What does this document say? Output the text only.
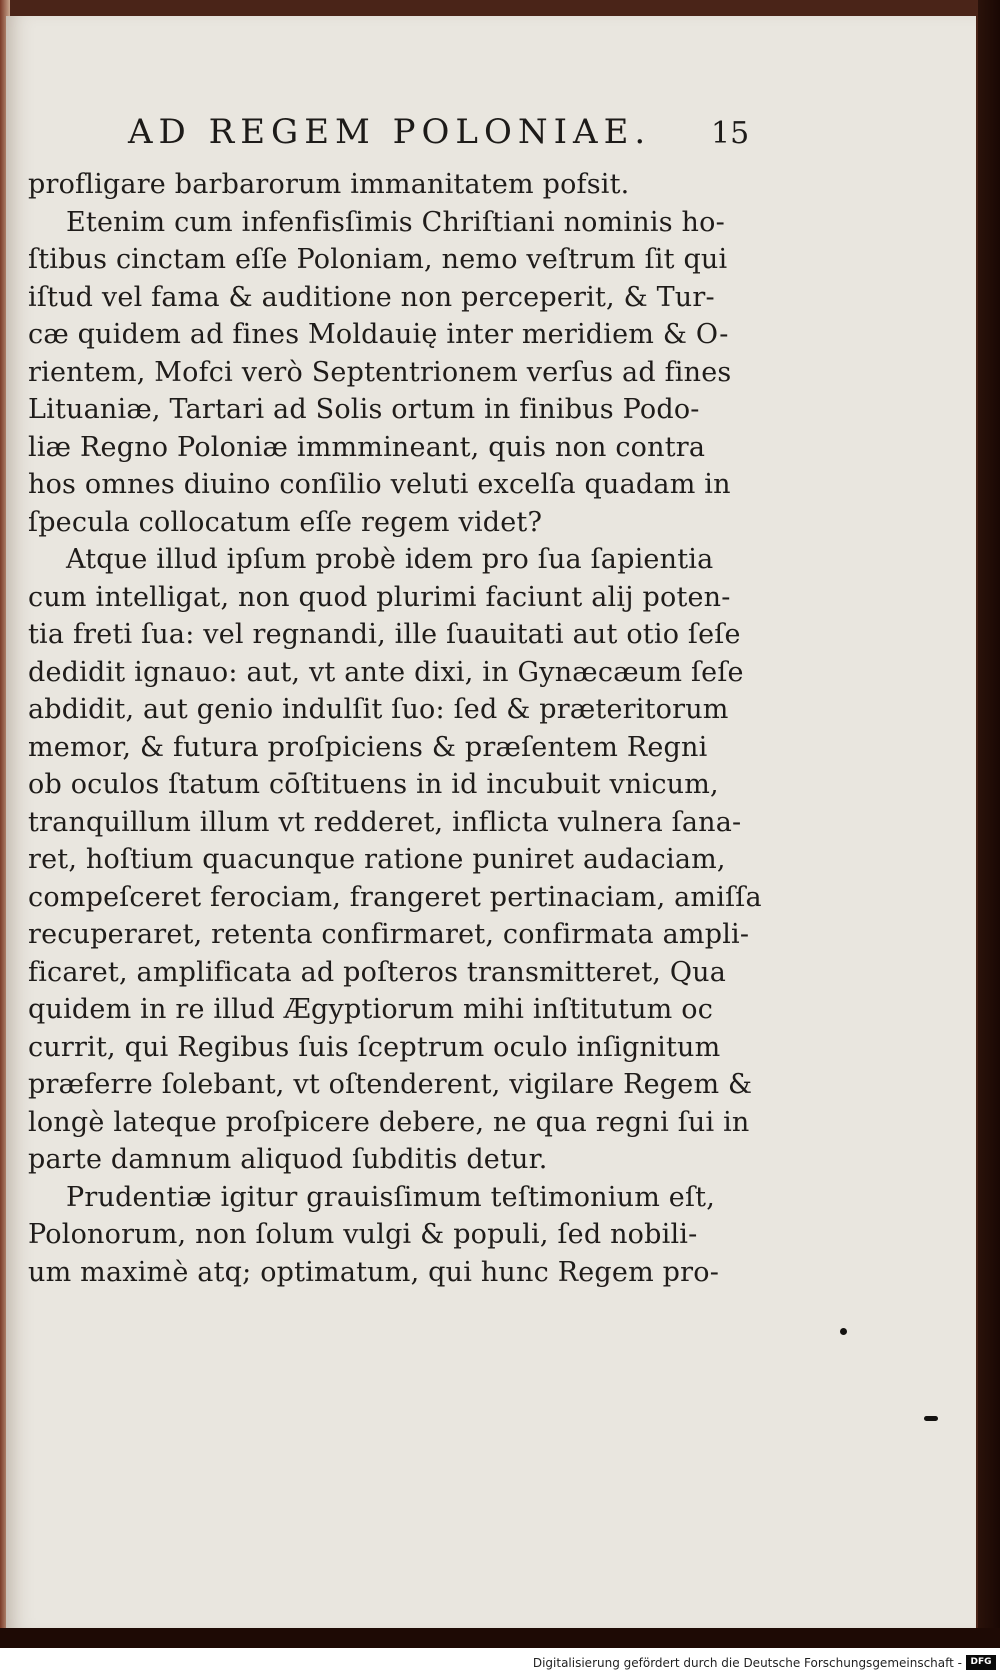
AD REGEM POLONIAE. 15
profligare barbarorum immanitatem pofsit.
Etenim cum infenfisſimis Chriſtiani nominis ho-
ſtibus cinctam eſſe Poloniam, nemo veſtrum ſit qui
iſtud vel fama & auditione non perceperit, & Tur-
cæ quidem ad fines Moldauię inter meridiem & O-
rientem, Mofci verò Septentrionem verſus ad fines
Lituaniæ, Tartari ad Solis ortum in finibus Podo-
liæ Regno Poloniæ immmineant, quis non contra
hos omnes diuino conſilio veluti excelſa quadam in
ſpecula collocatum eſſe regem videt?
Atque illud ipſum probè idem pro ſua ſapientia
cum intelligat, non quod plurimi faciunt alij poten-
tia freti ſua: vel regnandi, ille ſuauitati aut otio ſeſe
dedidit ignauo: aut, vt ante dixi, in Gynæcæum ſeſe
abdidit, aut genio indulſit ſuo: ſed & præteritorum
memor, & futura proſpiciens & præſentem Regni
ob oculos ſtatum cōſtituens in id incubuit vnicum,
tranquillum illum vt redderet, inflicta vulnera ſana-
ret, hoſtium quacunque ratione puniret audaciam,
compeſceret ferociam, frangeret pertinaciam, amiſſa
recuperaret, retenta confirmaret, confirmata ampli-
ficaret, amplificata ad poſteros transmitteret, Qua
quidem in re illud Ægyptiorum mihi inſtitutum oc
currit, qui Regibus ſuis ſceptrum oculo inſignitum
præferre ſolebant, vt oſtenderent, vigilare Regem &
longè lateque proſpicere debere, ne qua regni ſui in
parte damnum aliquod ſubditis detur.
Prudentiæ igitur grauisſimum teſtimonium eſt,
Polonorum, non ſolum vulgi & populi, ſed nobili-
um maximè atq; optimatum, qui hunc Regem pro-
Digitalisierung gefördert durch die Deutsche Forschungsgemeinschaft - DFG
